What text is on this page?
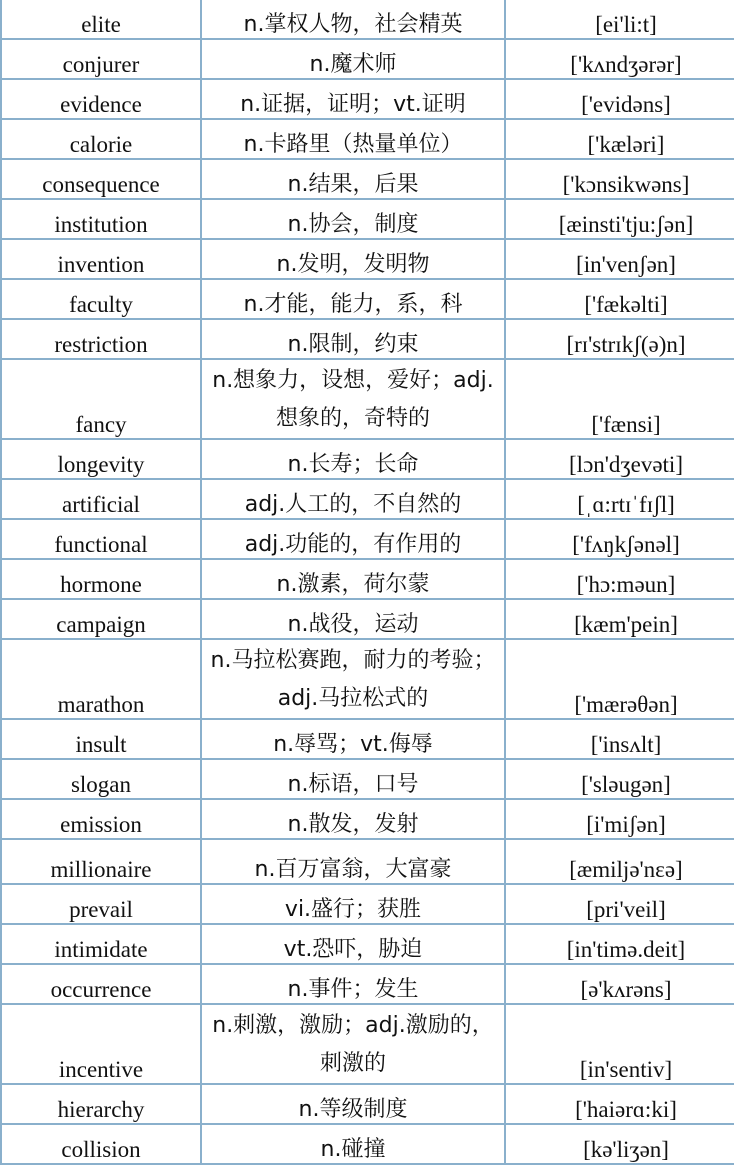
elite	n.掌权人物，社会精英	[ei'li:t]
conjurer	n.魔术师	['kʌndʒərər]
evidence	n.证据，证明；vt.证明	['evidəns]
calorie	n.卡路里（热量单位）	['kæləri]
consequence	n.结果，后果	['kɔnsikwəns]
institution	n.协会，制度	[æinsti'tju:ʃən]
invention	n.发明，发明物	[in'venʃən]
faculty	n.才能，能力，系，科	['fækəlti]
restriction	n.限制，约束	[rɪ'strɪkʃ(ə)n]
fancy	n.想象力，设想，爱好；adj.想象的，奇特的	['fænsi]
longevity	n.长寿；长命	[lɔn'dʒevəti]
artificial	adj.人工的，不自然的	[ˌɑ:rtɪˈfɪʃl]
functional	adj.功能的，有作用的	['fʌŋkʃənəl]
hormone	n.激素，荷尔蒙	['hɔ:məun]
campaign	n.战役，运动	[kæm'pein]
marathon	n.马拉松赛跑，耐力的考验；adj.马拉松式的	['mærəθən]
insult	n.辱骂；vt.侮辱	['insʌlt]
slogan	n.标语，口号	['sləugən]
emission	n.散发，发射	[i'miʃən]
millionaire	n.百万富翁，大富豪	[æmiljə'nɛə]
prevail	vi.盛行；获胜	[pri'veil]
intimidate	vt.恐吓，胁迫	[in'timə.deit]
occurrence	n.事件；发生	[ə'kʌrəns]
incentive	n.刺激，激励；adj.激励的，刺激的	[in'sentiv]
hierarchy	n.等级制度	['haiərɑ:ki]
collision	n.碰撞	[kə'liʒən]
